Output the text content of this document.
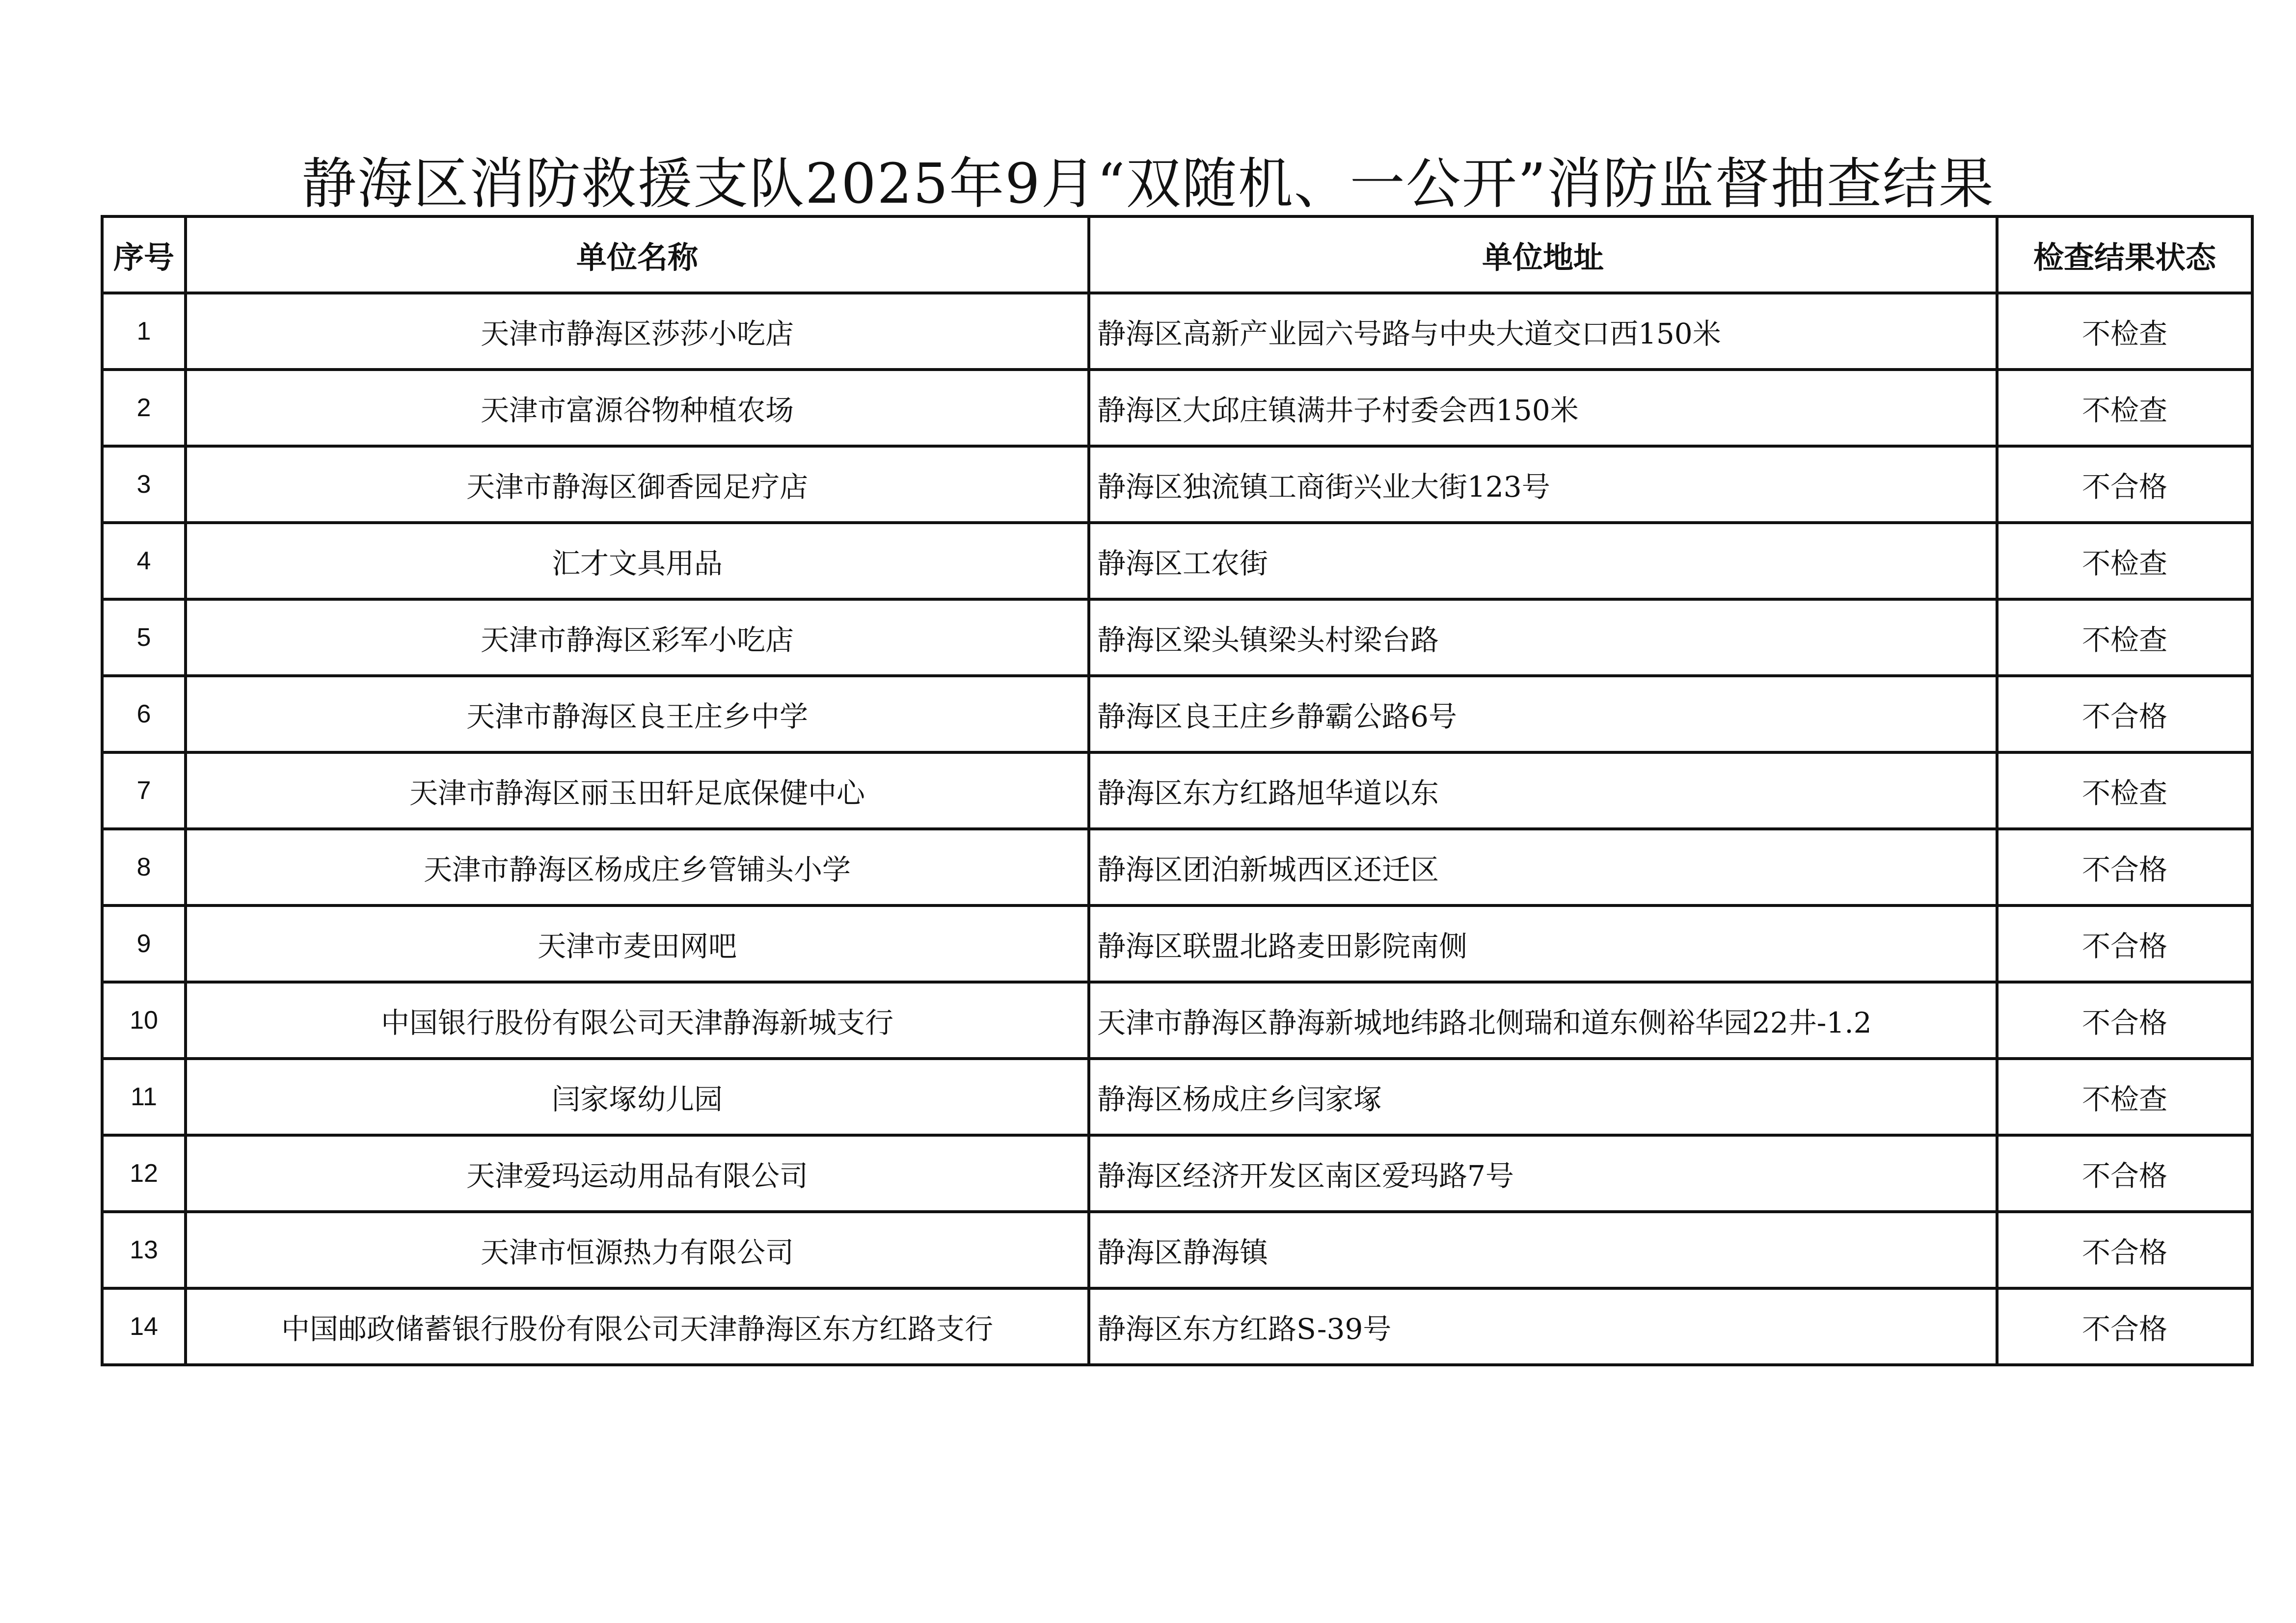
静海区消防救援支队2025年9月“双随机、一公开”消防监督抽查结果
序号	单位名称	单位地址	检查结果状态
1	天津市静海区莎莎小吃店	静海区高新产业园六号路与中央大道交口西150米	不检查
2	天津市富源谷物种植农场	静海区大邱庄镇满井子村委会西150米	不检查
3	天津市静海区御香园足疗店	静海区独流镇工商街兴业大街123号	不合格
4	汇才文具用品	静海区工农街	不检查
5	天津市静海区彩军小吃店	静海区梁头镇梁头村梁台路	不检查
6	天津市静海区良王庄乡中学	静海区良王庄乡静霸公路6号	不合格
7	天津市静海区丽玉田轩足底保健中心	静海区东方红路旭华道以东	不检查
8	天津市静海区杨成庄乡管铺头小学	静海区团泊新城西区还迁区	不合格
9	天津市麦田网吧	静海区联盟北路麦田影院南侧	不合格
10	中国银行股份有限公司天津静海新城支行	天津市静海区静海新城地纬路北侧瑞和道东侧裕华园22井-1.2	不合格
11	闫家塚幼儿园	静海区杨成庄乡闫家塚	不检查
12	天津爱玛运动用品有限公司	静海区经济开发区南区爱玛路7号	不合格
13	天津市恒源热力有限公司	静海区静海镇	不合格
14	中国邮政储蓄银行股份有限公司天津静海区东方红路支行	静海区东方红路S-39号	不合格
